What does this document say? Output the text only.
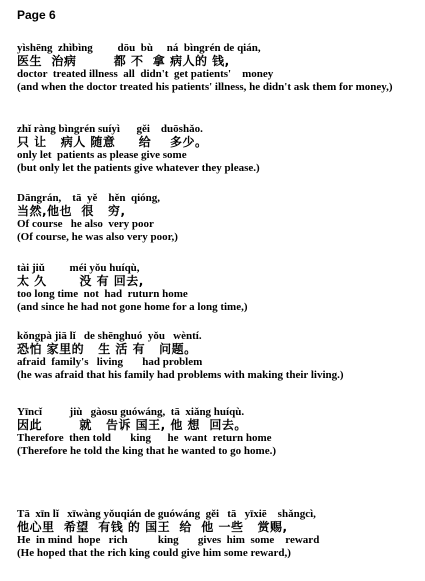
Page 6
yìshēng  zhìbìng         dōu  bù     ná  bìngrén de qián,
医生  治病        都 不  拿 病人的 钱,
doctor  treated illness  all  didn't  get patients'    money
(and when the doctor treated his patients' illness, he didn't ask them for money,)
zhǐ ràng bìngrén suíyì      gěi    duōshǎo.
只 让   病人 随意     给    多少。
only let  patients as please give some
(but only let the patients give whatever they please.)
Dāngrán,    tā  yě    hěn  qióng,
当然,他也  很   穷,
Of course   he also  very poor
(Of course, he was also very poor,)
tài jiǔ         méi yǒu huíqù,
太 久       没 有 回去,
too long time  not  had  ruturn home
(and since he had not gone home for a long time,)
kǒngpà jiā lǐ   de shēnghuó  yǒu   wèntí.
恐怕 家里的   生 活 有   问题。
afraid  family's   living       had problem
(he was afraid that his family had problems with making their living.)
Yīncǐ          jiù   gàosu guówáng,  tā  xiǎng huíqù.
因此        就   告诉 国王, 他 想  回去。
Therefore  then told       king      he  want  return home
(Therefore he told the king that he wanted to go home.)
Tā  xīn lǐ   xīwàng yǒuqián de guówáng  gěi   tā   yīxiē    shǎngcì,
他心里  希望  有钱 的 国王  给  他 一些   赏赐,
He  in mind  hope   rich           king       gives  him  some    reward
(He hoped that the rich king could give him some reward,)
